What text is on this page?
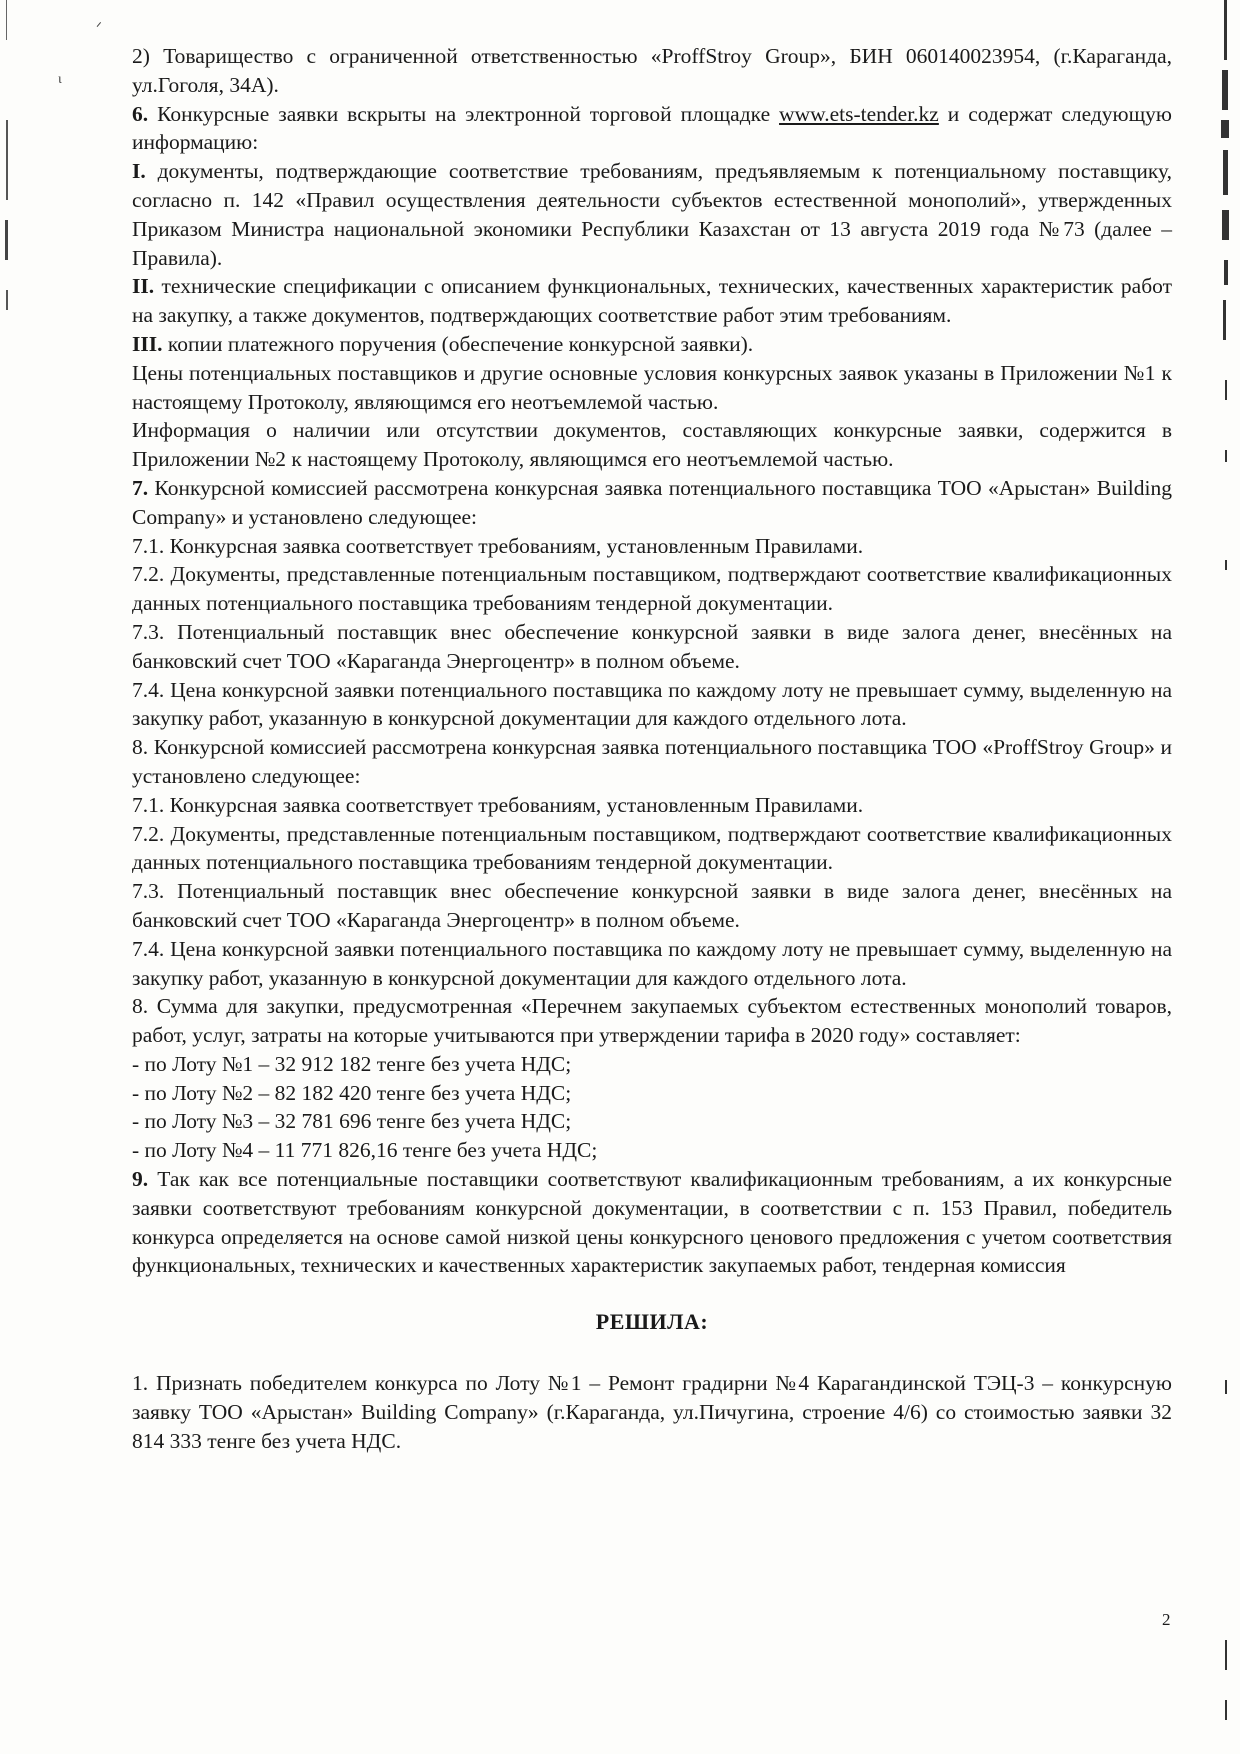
ᐟ
ɩ

2) Товарищество с ограниченной ответственностью «ProffStroy Group», БИН 060140023954, (г.Караганда, ул.Гоголя, 34А).

6. Конкурсные заявки вскрыты на электронной торговой площадке www.ets-tender.kz и содержат следующую информацию:

I. документы, подтверждающие соответствие требованиям, предъявляемым к потенциальному поставщику, согласно п. 142 «Правил осуществления деятельности субъектов естественной монополий», утвержденных Приказом Министра национальной экономики Республики Казахстан от 13 августа 2019 года №73 (далее – Правила).

II. технические спецификации с описанием функциональных, технических, качественных характеристик работ на закупку, а также документов, подтверждающих соответствие работ этим требованиям.

III. копии платежного поручения (обеспечение конкурсной заявки).

Цены потенциальных поставщиков и другие основные условия конкурсных заявок указаны в Приложении №1 к настоящему Протоколу, являющимся его неотъемлемой частью.

Информация о наличии или отсутствии документов, составляющих конкурсные заявки, содержится в Приложении №2 к настоящему Протоколу, являющимся его неотъемлемой частью.

7. Конкурсной комиссией рассмотрена конкурсная заявка потенциального поставщика ТОО «Арыстан» Building Company» и установлено следующее:

7.1. Конкурсная заявка соответствует требованиям, установленным Правилами.

7.2. Документы, представленные потенциальным поставщиком, подтверждают соответствие квалификационных данных потенциального поставщика требованиям тендерной документации.

7.3. Потенциальный поставщик внес обеспечение конкурсной заявки в виде залога денег, внесённых на банковский счет ТОО «Караганда Энергоцентр» в полном объеме.

7.4. Цена конкурсной заявки потенциального поставщика по каждому лоту не превышает сумму, выделенную на закупку работ, указанную в конкурсной документации для каждого отдельного лота.

8. Конкурсной комиссией рассмотрена конкурсная заявка потенциального поставщика ТОО «ProffStroy Group» и установлено следующее:

7.1. Конкурсная заявка соответствует требованиям, установленным Правилами.

7.2. Документы, представленные потенциальным поставщиком, подтверждают соответствие квалификационных данных потенциального поставщика требованиям тендерной документации.

7.3. Потенциальный поставщик внес обеспечение конкурсной заявки в виде залога денег, внесённых на банковский счет ТОО «Караганда Энергоцентр» в полном объеме.

7.4. Цена конкурсной заявки потенциального поставщика по каждому лоту не превышает сумму, выделенную на закупку работ, указанную в конкурсной документации для каждого отдельного лота.

8. Сумма для закупки, предусмотренная «Перечнем закупаемых субъектом естественных монополий товаров, работ, услуг, затраты на которые учитываются при утверждении тарифа в 2020 году» составляет:

- по Лоту №1 – 32 912 182 тенге без учета НДС;

- по Лоту №2 – 82 182 420 тенге без учета НДС;

- по Лоту №3 – 32 781 696 тенге без учета НДС;

- по Лоту №4 – 11 771 826,16 тенге без учета НДС;

9. Так как все потенциальные поставщики соответствуют квалификационным требованиям, а их конкурсные заявки соответствуют требованиям конкурсной документации, в соответствии с п. 153 Правил, победитель конкурса определяется на основе самой низкой цены конкурсного ценового предложения с учетом соответствия функциональных, технических и качественных характеристик закупаемых работ, тендерная комиссия

РЕШИЛА:

1. Признать победителем конкурса по Лоту №1 – Ремонт градирни №4 Карагандинской ТЭЦ-3 – конкурсную заявку ТОО «Арыстан» Building Company» (г.Караганда, ул.Пичугина, строение 4/6) со стоимостью заявки 32 814 333 тенге без учета НДС.

2
